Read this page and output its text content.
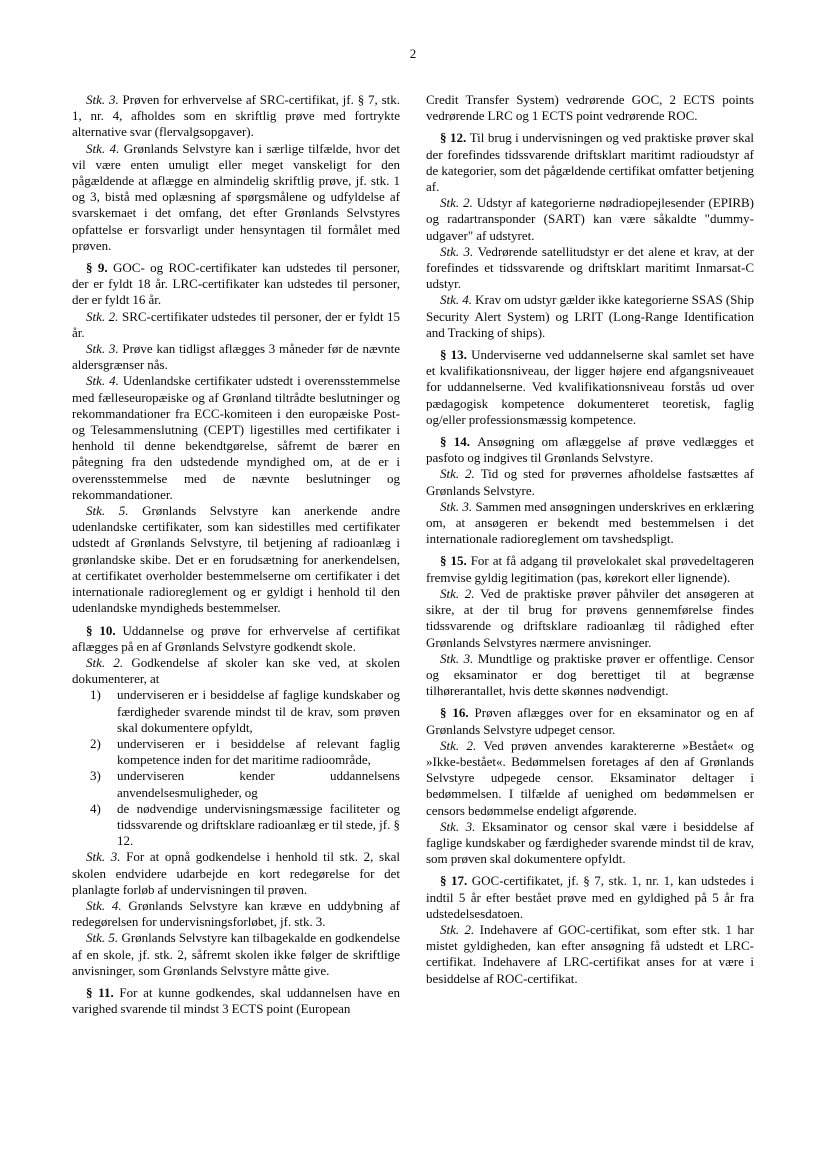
2

Stk. 3. Prøven for erhvervelse af SRC-certifikat, jf. § 7, stk. 1, nr. 4, afholdes som en skriftlig prøve med fortrykte alternative svar (flervalgsopgaver).

Stk. 4. Grønlands Selvstyre kan i særlige tilfælde, hvor det vil være enten umuligt eller meget vanskeligt for den pågældende at aflægge en almindelig skriftlig prøve, jf. stk. 1 og 3, bistå med oplæsning af spørgsmålene og udfyldelse af svarskemaet i det omfang, det efter Grønlands Selvstyres opfattelse er forsvarligt under hensyntagen til formålet med prøven.

§ 9. GOC- og ROC-certifikater kan udstedes til personer, der er fyldt 18 år. LRC-certifikater kan udstedes til personer, der er fyldt 16 år.

Stk. 2. SRC-certifikater udstedes til personer, der er fyldt 15 år.

Stk. 3. Prøve kan tidligst aflægges 3 måneder før de nævnte aldersgrænser nås.

Stk. 4. Udenlandske certifikater udstedt i overensstemmelse med fælleseuropæiske og af Grønland tiltrådte beslutninger og rekommandationer fra ECC-komiteen i den europæiske Post- og Telesammenslutning (CEPT) ligestilles med certifikater i henhold til denne bekendtgørelse, såfremt de bærer en påtegning fra den udstedende myndighed om, at de er i overensstemmelse med de nævnte beslutninger og rekommandationer.

Stk. 5. Grønlands Selvstyre kan anerkende andre udenlandske certifikater, som kan sidestilles med certifikater udstedt af Grønlands Selvstyre, til betjening af radioanlæg i grønlandske skibe. Det er en forudsætning for anerkendelsen, at certifikatet overholder bestemmelserne om certifikater i det internationale radioreglement og er gyldigt i henhold til den udenlandske myndigheds bestemmelser.

§ 10. Uddannelse og prøve for erhvervelse af certifikat aflægges på en af Grønlands Selvstyre godkendt skole.

Stk. 2. Godkendelse af skoler kan ske ved, at skolen dokumenterer, at

1)underviseren er i besiddelse af faglige kundskaber og færdigheder svarende mindst til de krav, som prøven skal dokumentere opfyldt,

2)underviseren er i besiddelse af relevant faglig kompetence inden for det maritime radioområde,

3)underviseren kender uddannelsens anvendelsesmuligheder, og

4)de nødvendige undervisningsmæssige faciliteter og tidssvarende og driftsklare radioanlæg er til stede, jf. § 12.

Stk. 3. For at opnå godkendelse i henhold til stk. 2, skal skolen endvidere udarbejde en kort redegørelse for det planlagte forløb af undervisningen til prøven.

Stk. 4. Grønlands Selvstyre kan kræve en uddybning af redegørelsen for undervisningsforløbet, jf. stk. 3.

Stk. 5. Grønlands Selvstyre kan tilbagekalde en godkendelse af en skole, jf. stk. 2, såfremt skolen ikke følger de skriftlige anvisninger, som Grønlands Selvstyre måtte give.

§ 11. For at kunne godkendes, skal uddannelsen have en varighed svarende til mindst 3 ECTS point (European

Credit Transfer System) vedrørende GOC, 2 ECTS points vedrørende LRC og 1 ECTS point vedrørende ROC.

§ 12. Til brug i undervisningen og ved praktiske prøver skal der forefindes tidssvarende driftsklart maritimt radioudstyr af de kategorier, som det pågældende certifikat omfatter betjening af.

Stk. 2. Udstyr af kategorierne nødradiopejlesender (EPIRB) og radartransponder (SART) kan være såkaldte "dummy-udgaver" af udstyret.

Stk. 3. Vedrørende satellitudstyr er det alene et krav, at der forefindes et tidssvarende og driftsklart maritimt Inmarsat-C udstyr.

Stk. 4. Krav om udstyr gælder ikke kategorierne SSAS (Ship Security Alert System) og LRIT (Long-Range Identification and Tracking of ships).

§ 13. Underviserne ved uddannelserne skal samlet set have et kvalifikationsniveau, der ligger højere end afgangsniveauet for uddannelserne. Ved kvalifikationsniveau forstås ud over pædagogisk kompetence dokumenteret teoretisk, faglig og/eller professionsmæssig kompetence.

§ 14. Ansøgning om aflæggelse af prøve vedlægges et pasfoto og indgives til Grønlands Selvstyre.

Stk. 2. Tid og sted for prøvernes afholdelse fastsættes af Grønlands Selvstyre.

Stk. 3. Sammen med ansøgningen underskrives en erklæring om, at ansøgeren er bekendt med bestemmelsen i det internationale radioreglement om tavshedspligt.

§ 15. For at få adgang til prøvelokalet skal prøvedeltageren fremvise gyldig legitimation (pas, kørekort eller lignende).

Stk. 2. Ved de praktiske prøver påhviler det ansøgeren at sikre, at der til brug for prøvens gennemførelse findes tidssvarende og driftsklare radioanlæg til rådighed efter Grønlands Selvstyres nærmere anvisninger.

Stk. 3. Mundtlige og praktiske prøver er offentlige. Censor og eksaminator er dog berettiget til at begrænse tilhørerantallet, hvis dette skønnes nødvendigt.

§ 16. Prøven aflægges over for en eksaminator og en af Grønlands Selvstyre udpeget censor.

Stk. 2. Ved prøven anvendes karaktererne »Bestået« og »Ikke-bestået«. Bedømmelsen foretages af den af Grønlands Selvstyre udpegede censor. Eksaminator deltager i bedømmelsen. I tilfælde af uenighed om bedømmelsen er censors bedømmelse endeligt afgørende.

Stk. 3. Eksaminator og censor skal være i besiddelse af faglige kundskaber og færdigheder svarende mindst til de krav, som prøven skal dokumentere opfyldt.

§ 17. GOC-certifikatet, jf. § 7, stk. 1, nr. 1, kan udstedes i indtil 5 år efter bestået prøve med en gyldighed på 5 år fra udstedelsesdatoen.

Stk. 2. Indehavere af GOC-certifikat, som efter stk. 1 har mistet gyldigheden, kan efter ansøgning få udstedt et LRC-certifikat. Indehavere af LRC-certifikat anses for at være i besiddelse af ROC-certifikat.
